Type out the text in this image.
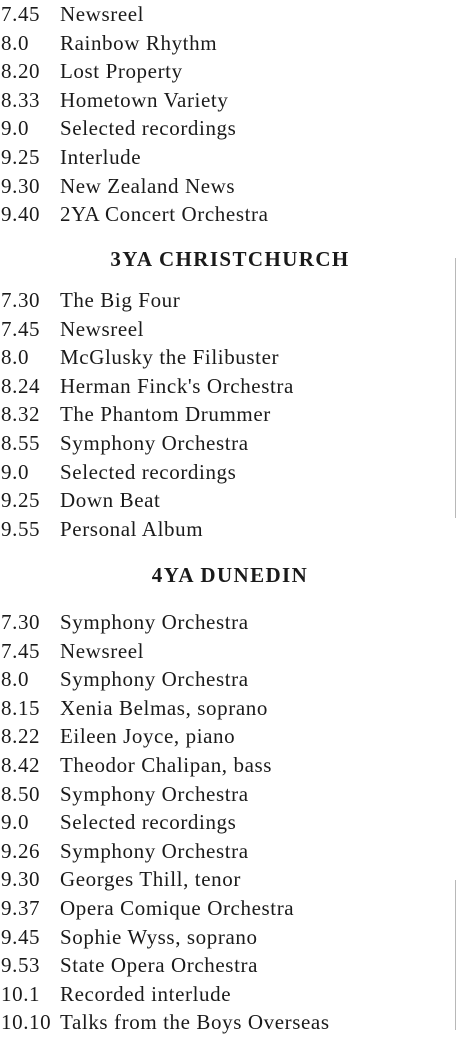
7.45 Newsreel
8.0 Rainbow Rhythm
8.20 Lost Property
8.33 Hometown Variety
9.0 Selected recordings
9.25 Interlude
9.30 New Zealand News
9.40 2YA Concert Orchestra
3YA CHRISTCHURCH
7.30 The Big Four
7.45 Newsreel
8.0 McGlusky the Filibuster
8.24 Herman Finck's Orchestra
8.32 The Phantom Drummer
8.55 Symphony Orchestra
9.0 Selected recordings
9.25 Down Beat
9.55 Personal Album
4YA DUNEDIN
7.30 Symphony Orchestra
7.45 Newsreel
8.0 Symphony Orchestra
8.15 Xenia Belmas, soprano
8.22 Eileen Joyce, piano
8.42 Theodor Chalipan, bass
8.50 Symphony Orchestra
9.0 Selected recordings
9.26 Symphony Orchestra
9.30 Georges Thill, tenor
9.37 Opera Comique Orchestra
9.45 Sophie Wyss, soprano
9.53 State Opera Orchestra
10.1 Recorded interlude
10.10 Talks from the Boys Overseas
